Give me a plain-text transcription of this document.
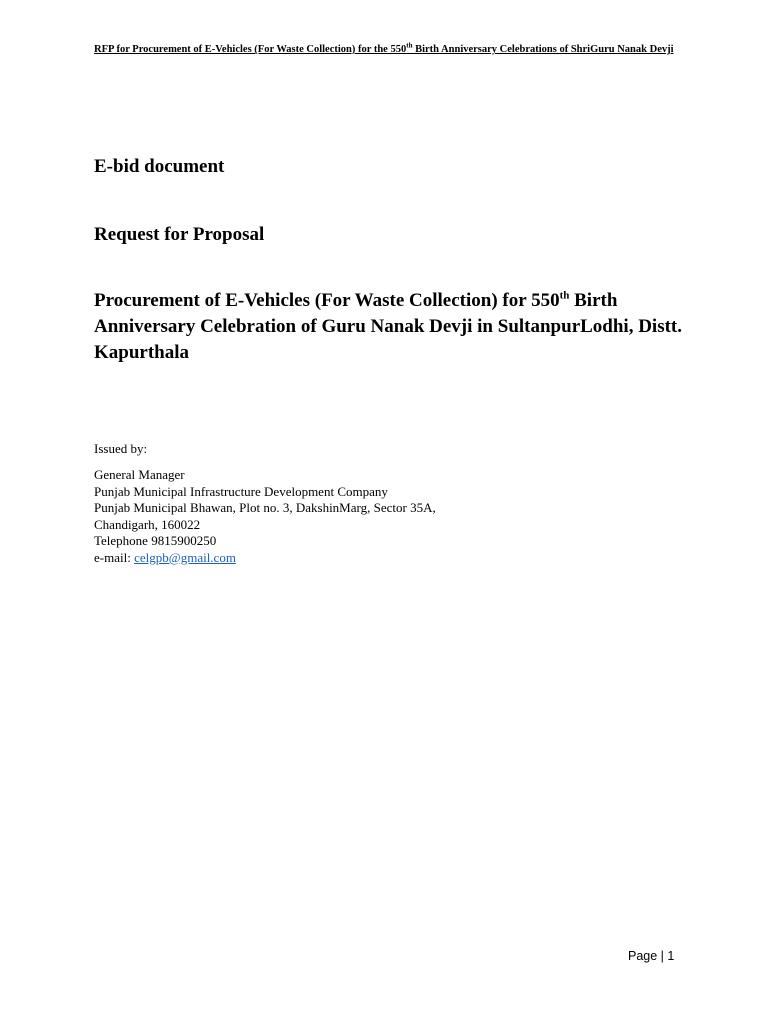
RFP for Procurement of E-Vehicles (For Waste Collection) for the 550th Birth Anniversary Celebrations of ShriGuru Nanak Devji
E-bid document
Request for Proposal
Procurement of E-Vehicles (For Waste Collection) for 550th Birth Anniversary Celebration of Guru Nanak Devji in SultanpurLodhi, Distt. Kapurthala
Issued by:
General Manager
Punjab Municipal Infrastructure Development Company
Punjab Municipal Bhawan, Plot no. 3, DakshinMarg, Sector 35A,
Chandigarh, 160022
Telephone 9815900250
e-mail: celgpb@gmail.com
Page | 1
